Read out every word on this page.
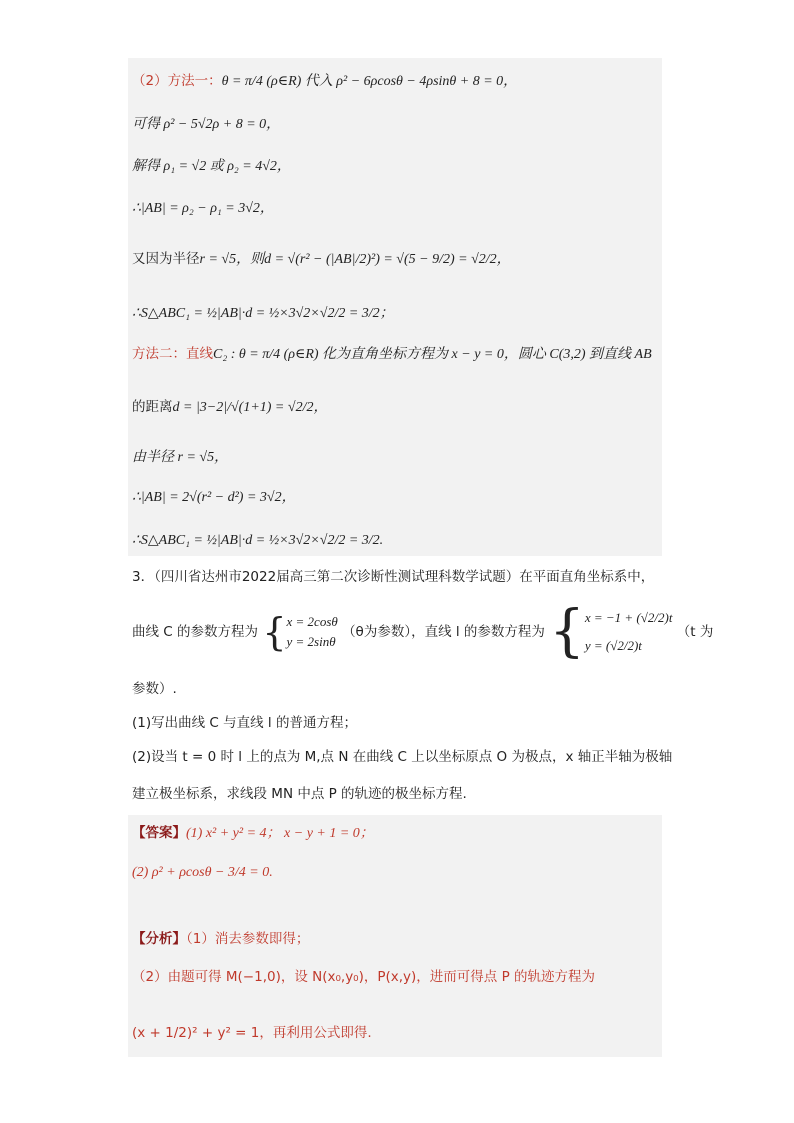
（2）方法一：θ = π/4 (ρ∈R) 代入 ρ² − 6ρcosθ − 4ρsinθ + 8 = 0，
可得 ρ² − 5√2ρ + 8 = 0，
解得 ρ₁ = √2 或 ρ₂ = 4√2，
∴|AB| = ρ₂ − ρ₁ = 3√2，
又因为半径r = √5，则d = √(r² − (|AB|/2)²) = √(5 − 9/2) = √2/2，
∴S△ABC₁ = ½|AB|·d = ½×3√2×√2/2 = 3/2；
方法二：直线C₂ : θ = π/4 (ρ∈R) 化为直角坐标方程为 x − y = 0，圆心 C(3,2) 到直线 AB
的距离d = |3−2|/√(1+1) = √2/2，
由半径 r = √5，
∴|AB| = 2√(r² − d²) = 3√2，
∴S△ABC₁ = ½|AB|·d = ½×3√2×√2/2 = 3/2.
3．（四川省达州市2022届高三第二次诊断性测试理科数学试题）在平面直角坐标系中，
曲线 C 的参数方程为 { x = 2cosθ
y = 2sinθ
（θ为参数），直线 l 的参数方程为 { x = −1 + (√2/2)t
y = (√2/2)t
（t 为
参数）.
(1)写出曲线 C 与直线 l 的普通方程；
(2)设当 t = 0 时 l 上的点为 M,点 N 在曲线 C 上以坐标原点 O 为极点，x 轴正半轴为极轴
建立极坐标系，求线段 MN 中点 P 的轨迹的极坐标方程.
【答案】(1) x² + y² = 4； x − y + 1 = 0；
(2) ρ² + ρcosθ − 3/4 = 0.
【分析】（1）消去参数即得；
（2）由题可得 M(−1,0)，设 N(x₀,y₀)，P(x,y)，进而可得点 P 的轨迹方程为
(x + 1/2)² + y² = 1，再利用公式即得.
